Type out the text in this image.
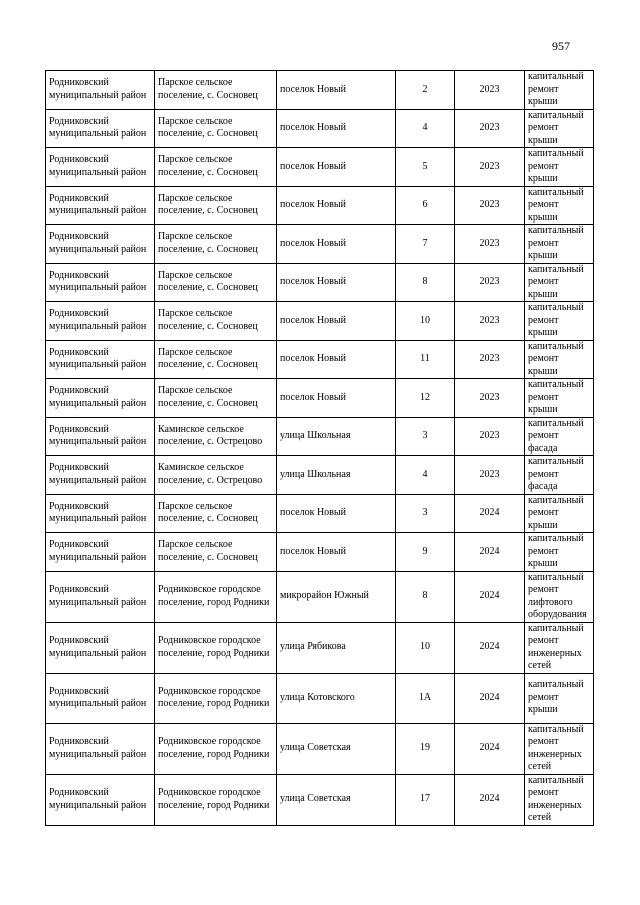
957
Родниковский муниципальный район	Парское сельское поселение, с. Сосновец	поселок Новый	2	2023	капитальный ремонт крыши
Родниковский муниципальный район	Парское сельское поселение, с. Сосновец	поселок Новый	4	2023	капитальный ремонт крыши
Родниковский муниципальный район	Парское сельское поселение, с. Сосновец	поселок Новый	5	2023	капитальный ремонт крыши
Родниковский муниципальный район	Парское сельское поселение, с. Сосновец	поселок Новый	6	2023	капитальный ремонт крыши
Родниковский муниципальный район	Парское сельское поселение, с. Сосновец	поселок Новый	7	2023	капитальный ремонт крыши
Родниковский муниципальный район	Парское сельское поселение, с. Сосновец	поселок Новый	8	2023	капитальный ремонт крыши
Родниковский муниципальный район	Парское сельское поселение, с. Сосновец	поселок Новый	10	2023	капитальный ремонт крыши
Родниковский муниципальный район	Парское сельское поселение, с. Сосновец	поселок Новый	11	2023	капитальный ремонт крыши
Родниковский муниципальный район	Парское сельское поселение, с. Сосновец	поселок Новый	12	2023	капитальный ремонт крыши
Родниковский муниципальный район	Каминское сельское поселение, с. Острецово	улица Школьная	3	2023	капитальный ремонт фасада
Родниковский муниципальный район	Каминское сельское поселение, с. Острецово	улица Школьная	4	2023	капитальный ремонт фасада
Родниковский муниципальный район	Парское сельское поселение, с. Сосновец	поселок Новый	3	2024	капитальный ремонт крыши
Родниковский муниципальный район	Парское сельское поселение, с. Сосновец	поселок Новый	9	2024	капитальный ремонт крыши
Родниковский муниципальный район	Родниковское городское поселение, город Родники	микрорайон Южный	8	2024	капитальный ремонт лифтового оборудования
Родниковский муниципальный район	Родниковское городское поселение, город Родники	улица Рябикова	10	2024	капитальный ремонт инженерных сетей
Родниковский муниципальный район	Родниковское городское поселение, город Родники	улица Котовского	1А	2024	капитальный ремонт крыши
Родниковский муниципальный район	Родниковское городское поселение, город Родники	улица Советская	19	2024	капитальный ремонт инженерных сетей
Родниковский муниципальный район	Родниковское городское поселение, город Родники	улица Советская	17	2024	капитальный ремонт инженерных сетей
